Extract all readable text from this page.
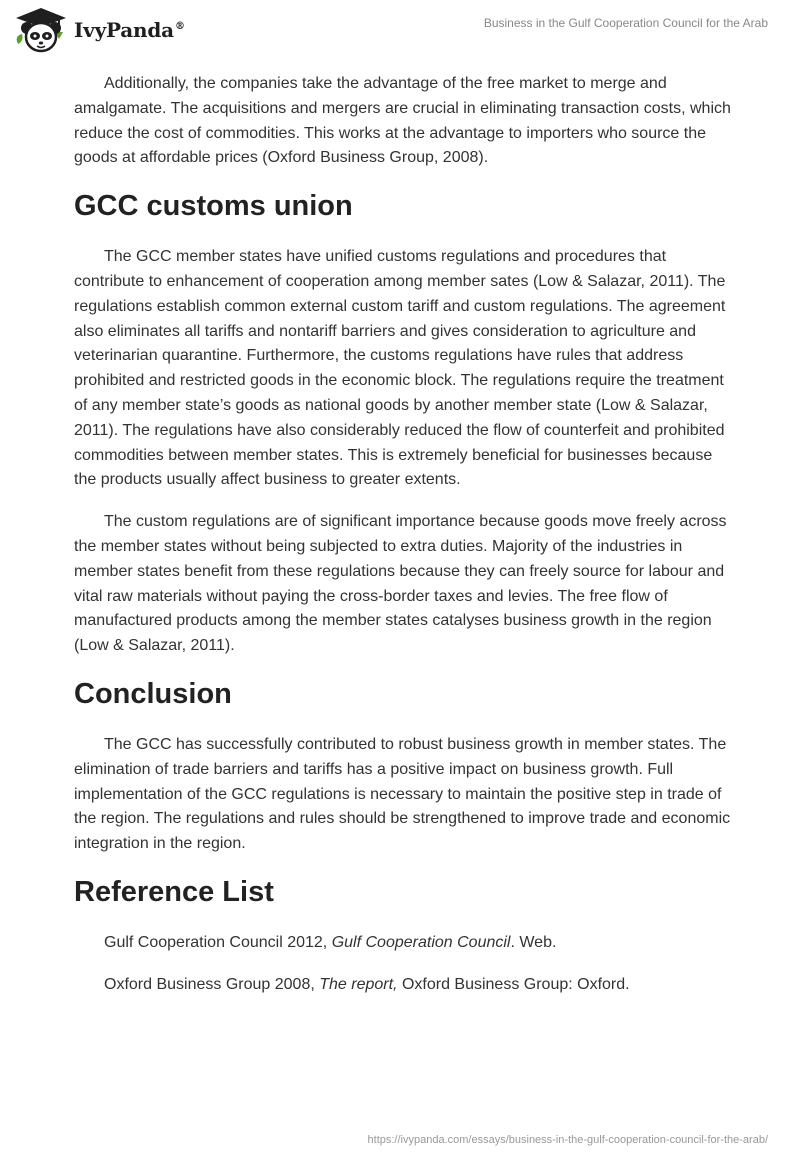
IvyPanda®	Business in the Gulf Cooperation Council for the Arab

Additionally, the companies take the advantage of the free market to merge and amalgamate. The acquisitions and mergers are crucial in eliminating transaction costs, which reduce the cost of commodities. This works at the advantage to importers who source the goods at affordable prices (Oxford Business Group, 2008).

GCC customs union

The GCC member states have unified customs regulations and procedures that contribute to enhancement of cooperation among member sates (Low & Salazar, 2011). The regulations establish common external custom tariff and custom regulations. The agreement also eliminates all tariffs and nontariff barriers and gives consideration to agriculture and veterinarian quarantine. Furthermore, the customs regulations have rules that address prohibited and restricted goods in the economic block. The regulations require the treatment of any member state’s goods as national goods by another member state (Low & Salazar, 2011). The regulations have also considerably reduced the flow of counterfeit and prohibited commodities between member states. This is extremely beneficial for businesses because the products usually affect business to greater extents.

The custom regulations are of significant importance because goods move freely across the member states without being subjected to extra duties. Majority of the industries in member states benefit from these regulations because they can freely source for labour and vital raw materials without paying the cross-border taxes and levies. The free flow of manufactured products among the member states catalyses business growth in the region (Low & Salazar, 2011).

Conclusion

The GCC has successfully contributed to robust business growth in member states. The elimination of trade barriers and tariffs has a positive impact on business growth. Full implementation of the GCC regulations is necessary to maintain the positive step in trade of the region. The regulations and rules should be strengthened to improve trade and economic integration in the region.

Reference List

Gulf Cooperation Council 2012, Gulf Cooperation Council. Web.

Oxford Business Group 2008, The report, Oxford Business Group: Oxford.

https://ivypanda.com/essays/business-in-the-gulf-cooperation-council-for-the-arab/
